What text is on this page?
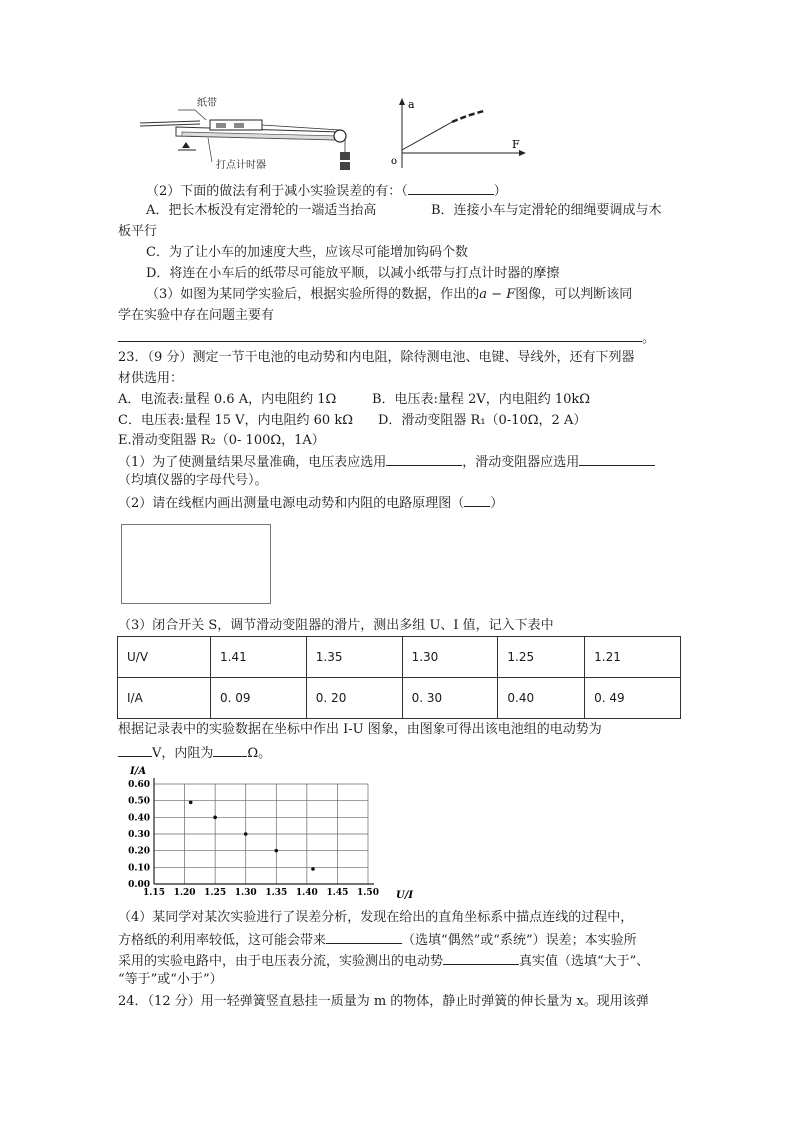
纸带
打点计时器
a
F
o
（2）下面的做法有利于减小实验误差的有：（	）
A．把长木板没有定滑轮的一端适当抬高	B．连接小车与定滑轮的细绳要调成与木
板平行
C．为了让小车的加速度大些，应该尽可能增加钩码个数
D．将连在小车后的纸带尽可能放平顺，以减小纸带与打点计时器的摩擦
（3）如图为某同学实验后，根据实验所得的数据，作出的a − F图像，可以判断该同
学在实验中存在问题主要有
。
23．（9 分）测定一节干电池的电动势和内电阻，除待测电池、电键、导线外，还有下列器
材供选用：
A．电流表:量程 0.6 A，内电阻约 1Ω	B．电压表:量程 2V，内电阻约 10kΩ
C．电压表:量程 15 V，内电阻约 60 kΩ D．滑动变阻器 R₁（0-10Ω，2 A）
E.滑动变阻器 R₂（0- 100Ω，1A）
（1）为了使测量结果尽量准确，电压表应选用	，滑动变阻器应选用
（均填仪器的字母代号）。
（2）请在线框内画出测量电源电动势和内阻的电路原理图（ ）
（3）闭合开关 S，调节滑动变阻器的滑片，测出多组 U、I 值，记入下表中
U/V	1.41	1.35	1.30	1.25	1.21
I/A	0. 09	0. 20	0. 30	0.40	0. 49
根据记录表中的实验数据在坐标中作出 I-U 图象，由图象可得出该电池组的电动势为
V，内阻为	Ω。
1.15 1.20 1.25 1.30 1.35 1.40 1.45 1.50
0.00
0.10
0.20
0.30
0.40
0.50
0.60
I/A
U/I
（4）某同学对某次实验进行了误差分析，发现在给出的直角坐标系中描点连线的过程中，
方格纸的利用率较低，这可能会带来	（选填“偶然”或“系统”）误差；本实验所
采用的实验电路中，由于电压表分流，实验测出的电动势	真实值（选填“大于”、
“等于”或“小于”）
24．（12 分）用一轻弹簧竖直悬挂一质量为 m 的物体，静止时弹簧的伸长量为 x。现用该弹
